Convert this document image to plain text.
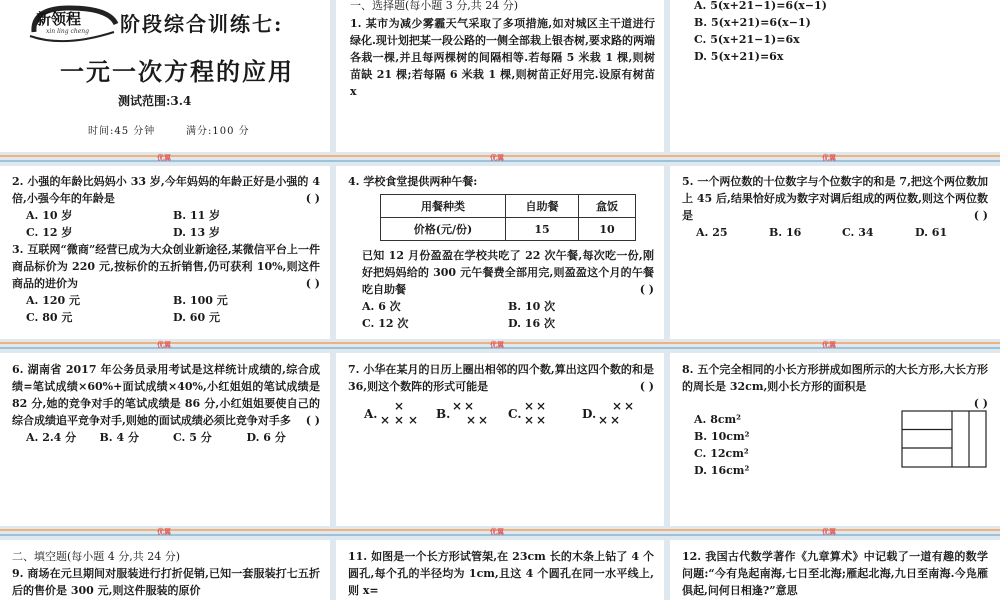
优翼	优翼	优翼
优翼	优翼	优翼
优翼	优翼	优翼
新领程
xin ling cheng 阶段综合训练七:
一元一次方程的应用
测试范围:3.4
时间:45 分钟	满分:100 分
一、选择题(每小题 3 分,共 24 分)
1. 某市为减少雾霾天气采取了多项措施,如对城区主干道进行绿化.现计划把某一段公路的一侧全部栽上银杏树,要求路的两端各栽一棵,并且每两棵树的间隔相等.若每隔 5 米栽 1 棵,则树苗缺 21 棵;若每隔 6 米栽 1 棵,则树苗正好用完.设原有树苗 x
A. 5(x+21−1)=6(x−1)
B. 5(x+21)=6(x−1)
C. 5(x+21−1)=6x
D. 5(x+21)=6x
2. 小强的年龄比妈妈小 33 岁,今年妈妈的年龄正好是小强的 4 倍,小强今年的年龄是	( )
A. 10 岁	B. 11 岁
C. 12 岁	D. 13 岁
3. 互联网“微商”经营已成为大众创业新途径,某微信平台上一件商品标价为 220 元,按标价的五折销售,仍可获利 10%,则这件商品的进价为	( )
A. 120 元	B. 100 元
C. 80 元	D. 60 元
4. 学校食堂提供两种午餐:
用餐种类	自助餐	盒饭
价格(元/份)	15	10
已知 12 月份盈盈在学校共吃了 22 次午餐,每次吃一份,刚好把妈妈给的 300 元午餐费全部用完,则盈盈这个月的午餐吃自助餐	( )
A. 6 次	B. 10 次
C. 12 次	D. 16 次
5. 一个两位数的十位数字与个位数字的和是 7,把这个两位数加上 45 后,结果恰好成为数字对调后组成的两位数,则这个两位数是	( )
A. 25	B. 16	C. 34	D. 61
6. 湖南省 2017 年公务员录用考试是这样统计成绩的,综合成绩=笔试成绩×60%+面试成绩×40%,小红姐姐的笔试成绩是 82 分,她的竞争对手的笔试成绩是 86 分,小红姐姐要使自己的综合成绩追平竞争对手,则她的面试成绩必须比竞争对手多 ( )
A. 2.4 分	B. 4 分	C. 5 分	D. 6 分
7. 小华在某月的日历上圈出相邻的四个数,算出这四个数的和是 36,则这个数阵的形式可能是	( )
A.
×
× × × B.
× ×
× × C.
× ×
× ×	D.
× ×
× ×
8. 五个完全相同的小长方形拼成如图所示的大长方形,大长方形的周长是 32cm,则小长方形的面积是
( )
A. 8cm²
B. 10cm²
C. 12cm²
D. 16cm²
二、填空题(每小题 4 分,共 24 分)
9. 商场在元旦期间对服装进行打折促销,已知一套服装打七五折后的售价是 300 元,则这件服装的原价
11. 如图是一个长方形试管架,在 23cm 长的木条上钻了 4 个圆孔,每个孔的半径均为 1cm,且这 4 个圆孔在同一水平线上,则 x=
12. 我国古代数学著作《九章算术》中记载了一道有趣的数学问题:“今有凫起南海,七日至北海;雁起北海,九日至南海.今凫雁俱起,问何日相逢?”意思
